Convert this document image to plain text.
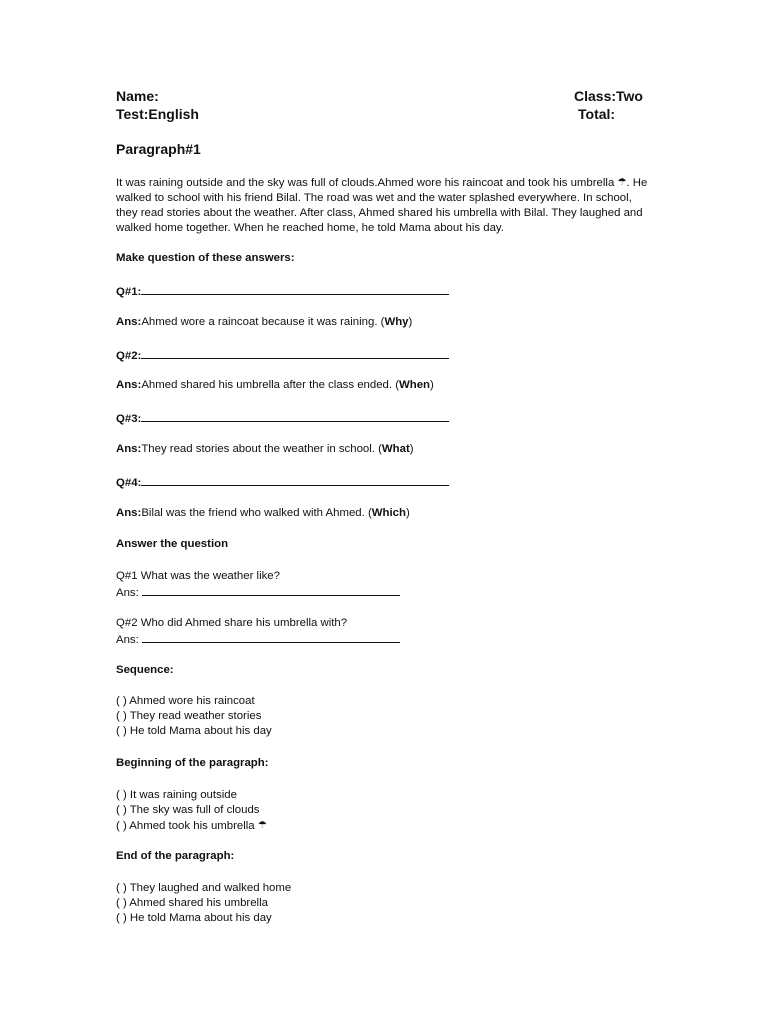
Name:	Class:Two
Test:English	Total:
Paragraph#1
It was raining outside and the sky was full of clouds.Ahmed wore his raincoat and took his umbrella ☂. He walked to school with his friend Bilal. The road was wet and the water splashed everywhere. In school, they read stories about the weather. After class, Ahmed shared his umbrella with Bilal. They laughed and walked home together. When he reached home, he told Mama about his day.
Make question of these answers:
Q#1:
Ans:Ahmed wore a raincoat because it was raining. (Why)
Q#2:
Ans:Ahmed shared his umbrella after the class ended. (When)
Q#3:
Ans:They read stories about the weather in school. (What)
Q#4:
Ans:Bilal was the friend who walked with Ahmed. (Which)
Answer the question
Q#1 What was the weather like?
Ans:
Q#2 Who did Ahmed share his umbrella with?
Ans:
Sequence:
( ) Ahmed wore his raincoat
( ) They read weather stories
( ) He told Mama about his day
Beginning of the paragraph:
( ) It was raining outside
( ) The sky was full of clouds
( ) Ahmed took his umbrella ☂
End of the paragraph:
( ) They laughed and walked home
( ) Ahmed shared his umbrella
( ) He told Mama about his day
